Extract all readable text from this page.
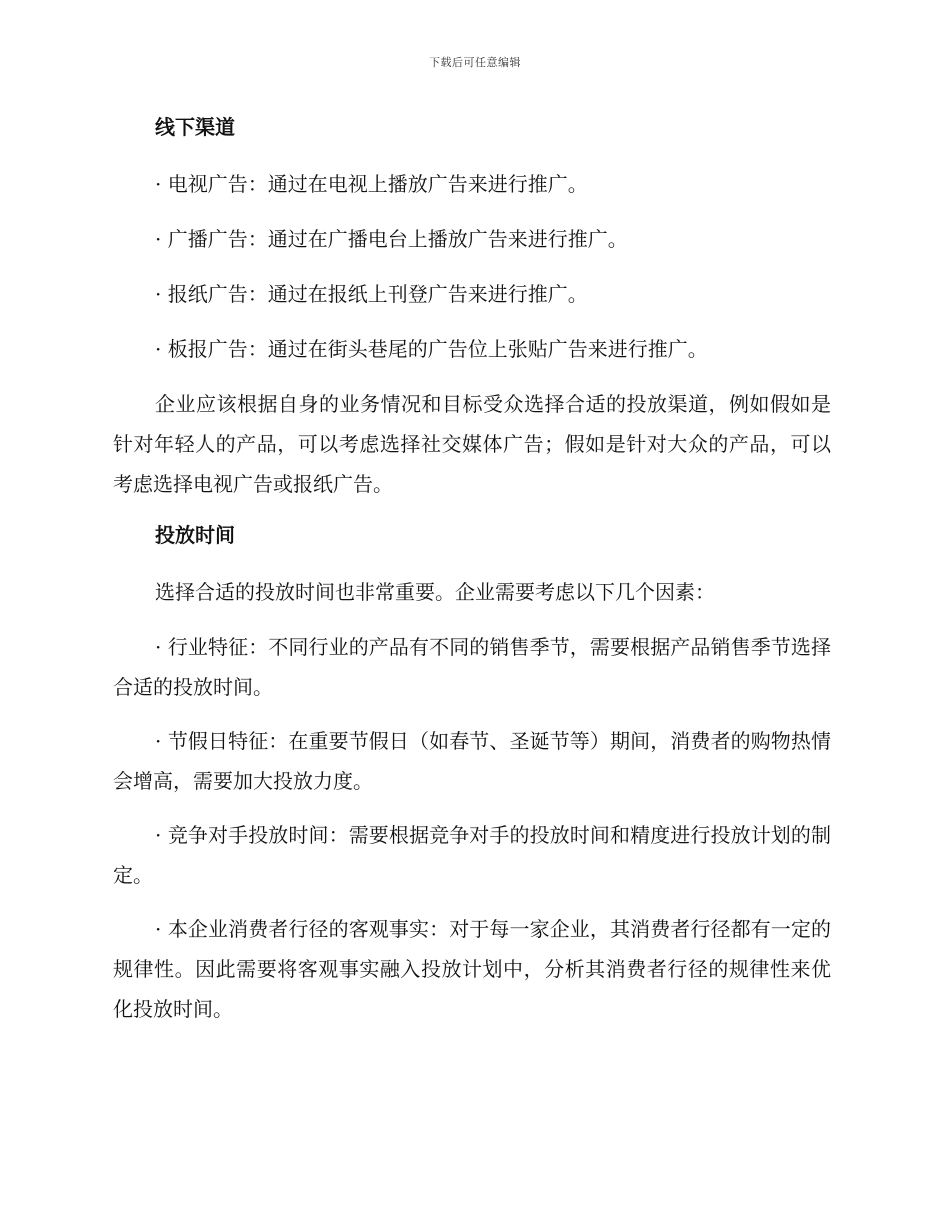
下载后可任意编辑
线下渠道

· 电视广告：通过在电视上播放广告来进行推广。

· 广播广告：通过在广播电台上播放广告来进行推广。

· 报纸广告：通过在报纸上刊登广告来进行推广。

· 板报广告：通过在街头巷尾的广告位上张贴广告来进行推广。

企业应该根据自身的业务情况和目标受众选择合适的投放渠道，例如假如是针对年轻人的产品，可以考虑选择社交媒体广告；假如是针对大众的产品，可以考虑选择电视广告或报纸广告。

投放时间

选择合适的投放时间也非常重要。企业需要考虑以下几个因素：

· 行业特征：不同行业的产品有不同的销售季节，需要根据产品销售季节选择合适的投放时间。

· 节假日特征：在重要节假日（如春节、圣诞节等）期间，消费者的购物热情会增高，需要加大投放力度。

· 竞争对手投放时间：需要根据竞争对手的投放时间和精度进行投放计划的制定。

· 本企业消费者行径的客观事实：对于每一家企业，其消费者行径都有一定的规律性。因此需要将客观事实融入投放计划中，分析其消费者行径的规律性来优化投放时间。
